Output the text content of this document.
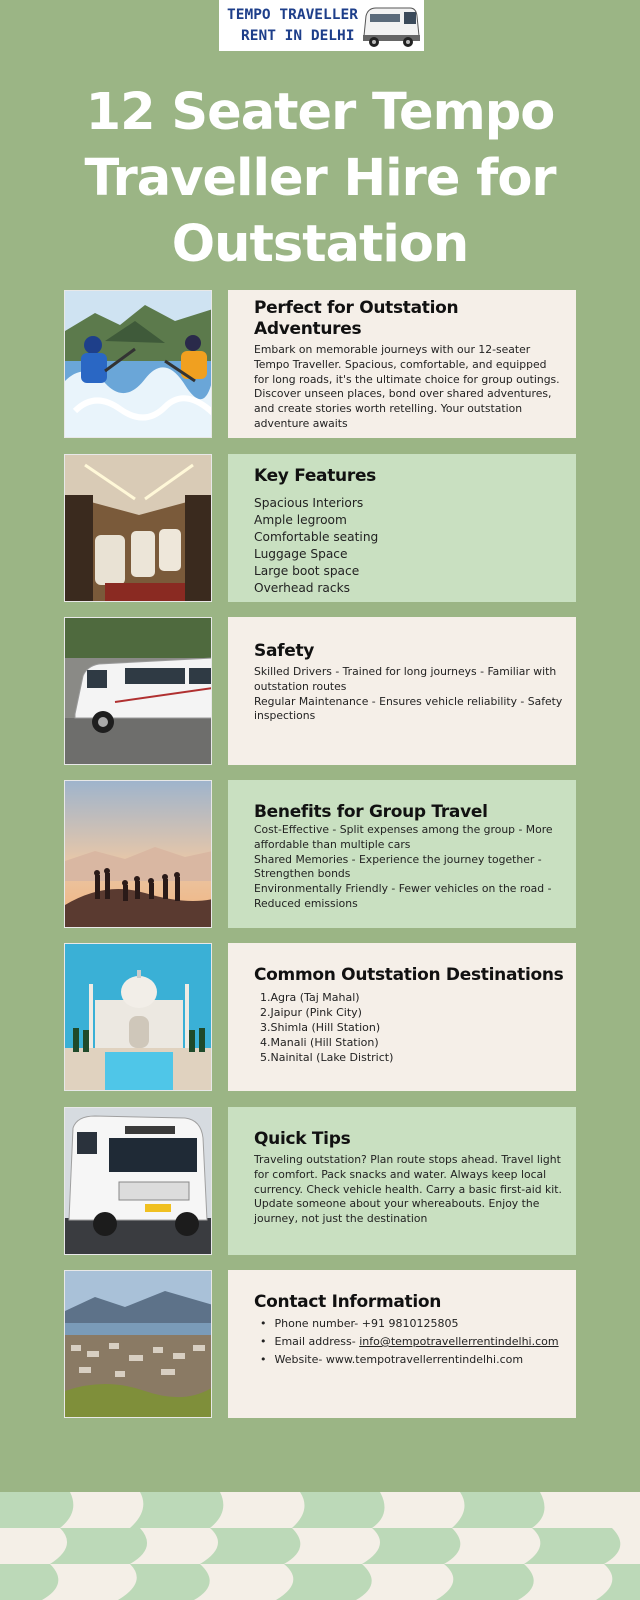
TEMPO TRAVELLER
RENT IN DELHI
12 Seater Tempo Traveller Hire for Outstation
Perfect for Outstation Adventures

Embark on memorable journeys with our 12-seater Tempo Traveller. Spacious, comfortable, and equipped for long roads, it's the ultimate choice for group outings. Discover unseen places, bond over shared adventures, and create stories worth retelling. Your outstation adventure awaits

Key Features
Spacious Interiors
Ample legroom
Comfortable seating
Luggage Space
Large boot space
Overhead racks
Safety

Skilled Drivers - Trained for long journeys - Familiar with outstation routes

Regular Maintenance - Ensures vehicle reliability - Safety inspections

Benefits for Group Travel

Cost-Effective - Split expenses among the group - More affordable than multiple cars

Shared Memories - Experience the journey together - Strengthen bonds

Environmentally Friendly - Fewer vehicles on the road - Reduced emissions

Common Outstation Destinations
1.Agra (Taj Mahal)
2.Jaipur (Pink City)
3.Shimla (Hill Station)
4.Manali (Hill Station)
5.Nainital (Lake District)
Quick Tips

Traveling outstation? Plan route stops ahead. Travel light for comfort. Pack snacks and water. Always keep local currency. Check vehicle health. Carry a basic first-aid kit. Update someone about your whereabouts. Enjoy the journey, not just the destination

Contact Information
• Phone number- +91 9810125805
• Email address- info@tempotravellerrentindelhi.com
• Website- www.tempotravellerrentindelhi.com
